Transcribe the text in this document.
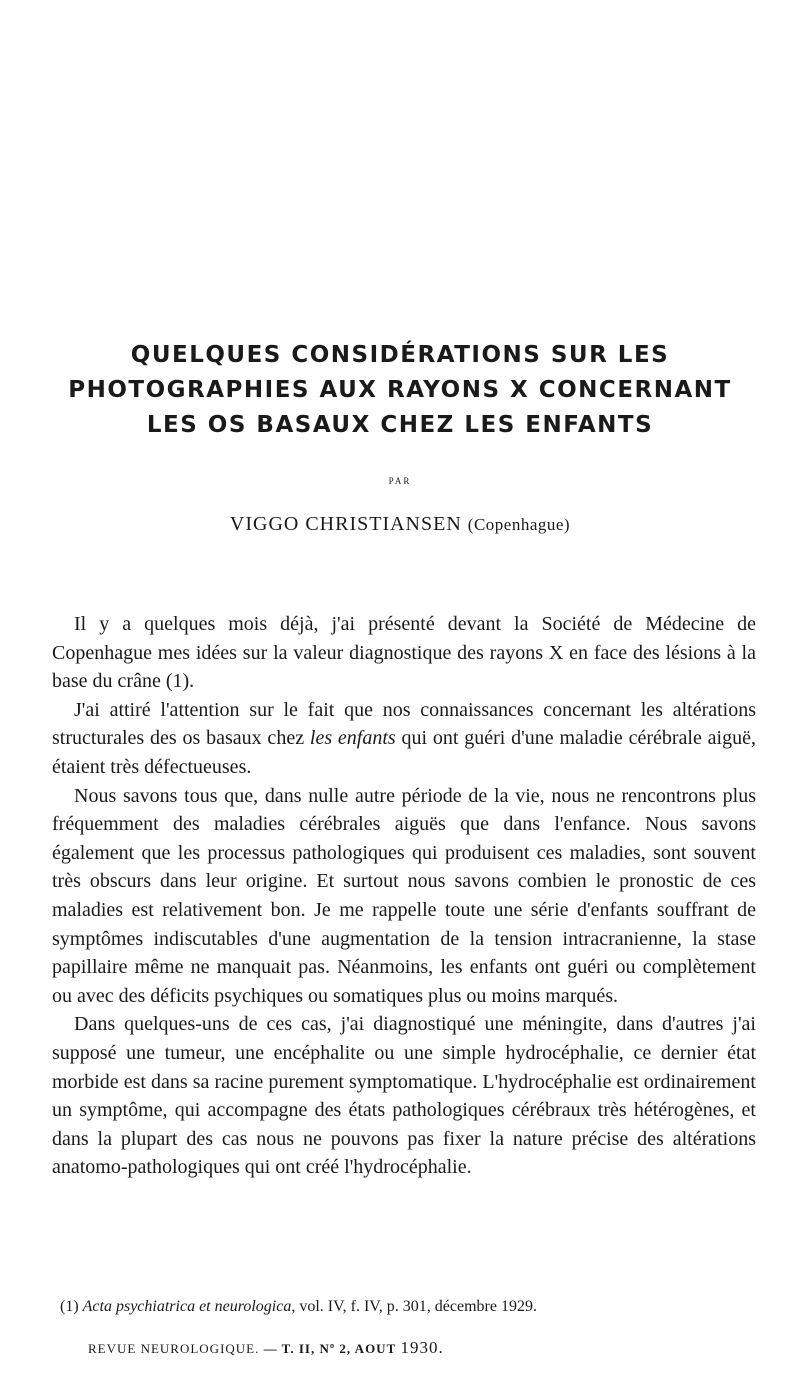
QUELQUES CONSIDÉRATIONS SUR LES
PHOTOGRAPHIES AUX RAYONS X CONCERNANT
LES OS BASAUX CHEZ LES ENFANTS
PAR
VIGGO CHRISTIANSEN (Copenhague)

Il y a quelques mois déjà, j'ai présenté devant la Société de Médecine de Copenhague mes idées sur la valeur diagnostique des rayons X en face des lésions à la base du crâne (1).

J'ai attiré l'attention sur le fait que nos connaissances concernant les altérations structurales des os basaux chez les enfants qui ont guéri d'une maladie cérébrale aiguë, étaient très défectueuses.

Nous savons tous que, dans nulle autre période de la vie, nous ne rencontrons plus fréquemment des maladies cérébrales aiguës que dans l'enfance. Nous savons également que les processus pathologiques qui produisent ces maladies, sont souvent très obscurs dans leur origine. Et surtout nous savons combien le pronostic de ces maladies est relativement bon. Je me rappelle toute une série d'enfants souffrant de symptômes indiscutables d'une augmentation de la tension intracranienne, la stase papillaire même ne manquait pas. Néanmoins, les enfants ont guéri ou complètement ou avec des déficits psychiques ou somatiques plus ou moins marqués.

Dans quelques-uns de ces cas, j'ai diagnostiqué une méningite, dans d'autres j'ai supposé une tumeur, une encéphalite ou une simple hydrocéphalie, ce dernier état morbide est dans sa racine purement symptomatique. L'hydrocéphalie est ordinairement un symptôme, qui accompagne des états pathologiques cérébraux très hétérogènes, et dans la plupart des cas nous ne pouvons pas fixer la nature précise des altérations anatomo-pathologiques qui ont créé l'hydrocéphalie.

(1) Acta psychiatrica et neurologica, vol. IV, f. IV, p. 301, décembre 1929.
REVUE NEUROLOGIQUE. — T. II, Nº 2, AOUT 1930.
